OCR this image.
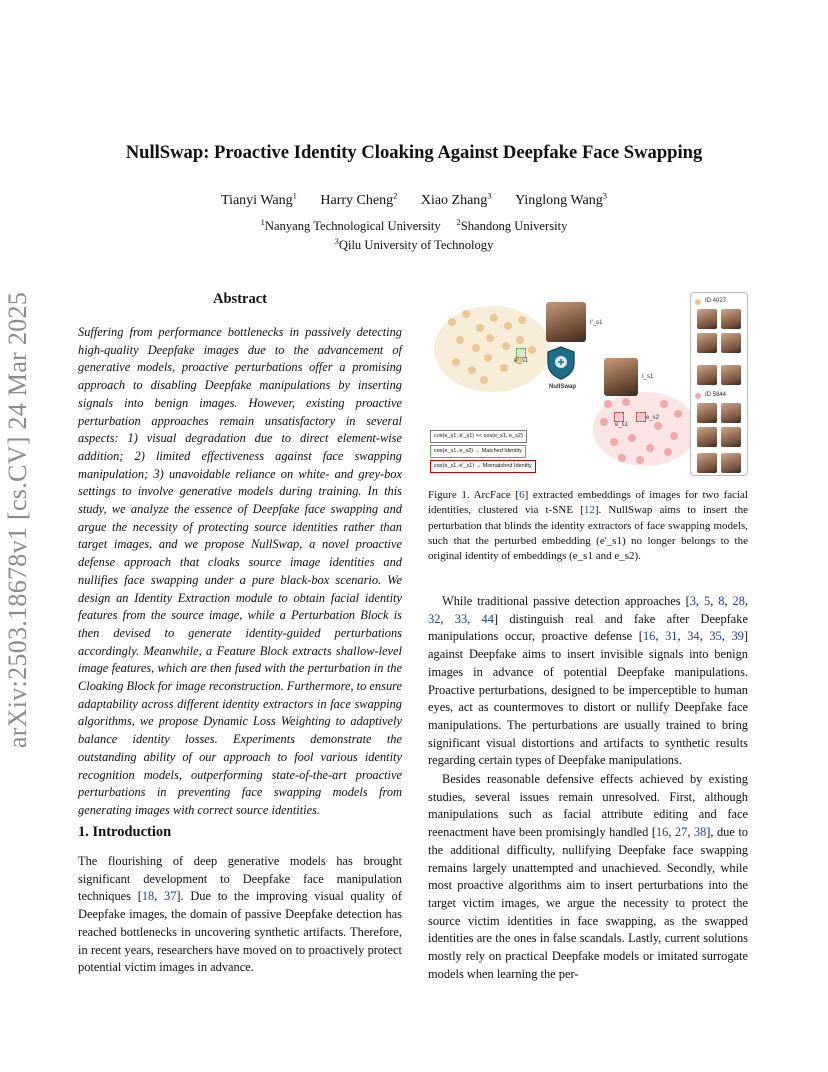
arXiv:2503.18678v1 [cs.CV] 24 Mar 2025
NullSwap: Proactive Identity Cloaking Against Deepfake Face Swapping
Tianyi Wang$^1$ Harry Cheng$^2$ Xiao Zhang$^3$ Yinglong Wang$^3$
$^1$Nanyang Technological University $^2$Shandong University
$^3$Qilu University of Technology
Abstract
Suffering from performance bottlenecks in passively detecting high-quality Deepfake images due to the advancement of generative models, proactive perturbations offer a promising approach to disabling Deepfake manipulations by inserting signals into benign images. However, existing proactive perturbation approaches remain unsatisfactory in several aspects: 1) visual degradation due to direct element-wise addition; 2) limited effectiveness against face swapping manipulation; 3) unavoidable reliance on white- and grey-box settings to involve generative models during training. In this study, we analyze the essence of Deepfake face swapping and argue the necessity of protecting source identities rather than target images, and we propose NullSwap, a novel proactive defense approach that cloaks source image identities and nullifies face swapping under a pure black-box scenario. We design an Identity Extraction module to obtain facial identity features from the source image, while a Perturbation Block is then devised to generate identity-guided perturbations accordingly. Meanwhile, a Feature Block extracts shallow-level image features, which are then fused with the perturbation in the Cloaking Block for image reconstruction. Furthermore, to ensure adaptability across different identity extractors in face swapping algorithms, we propose Dynamic Loss Weighting to adaptively balance identity losses. Experiments demonstrate the outstanding ability of our approach to fool various identity recognition models, outperforming state-of-the-art proactive perturbations in preventing face swapping models from generating images with correct source identities.
1. Introduction

The flourishing of deep generative models has brought significant development to Deepfake face manipulation techniques [18, 37]. Due to the improving visual quality of Deepfake images, the domain of passive Deepfake detection has reached bottlenecks in uncovering synthetic artifacts. Therefore, in recent years, researchers have moved on to proactively protect potential victim images in advance.

I'_s1
I_s1
NullSwap
e'_s1
e_s1
e_s2
cos(e_s1, e'_s1) << cos(e_s1, e_s2)
cos(e_s1, e_s2) → Matched Identity
cos(e_s1, e'_s1) → Mismatched Identity
ID 4027
ID 5844
Figure 1. ArcFace [6] extracted embeddings of images for two facial identities, clustered via t-SNE [12]. NullSwap aims to insert the perturbation that blinds the identity extractors of face swapping models, such that the perturbed embedding (e'_s1) no longer belongs to the original identity of embeddings (e_s1 and e_s2).
While traditional passive detection approaches [3, 5, 8, 28, 32, 33, 44] distinguish real and fake after Deepfake manipulations occur, proactive defense [16, 31, 34, 35, 39] against Deepfake aims to insert invisible signals into benign images in advance of potential Deepfake manipulations. Proactive perturbations, designed to be imperceptible to human eyes, act as countermoves to distort or nullify Deepfake face manipulations. The perturbations are usually trained to bring significant visual distortions and artifacts to synthetic results regarding certain types of Deepfake manipulations.
Besides reasonable defensive effects achieved by existing studies, several issues remain unresolved. First, although manipulations such as facial attribute editing and face reenactment have been promisingly handled [16, 27, 38], due to the additional difficulty, nullifying Deepfake face swapping remains largely unattempted and unachieved. Secondly, while most proactive algorithms aim to insert perturbations into the target victim images, we argue the necessity to protect the source victim identities in face swapping, as the swapped identities are the ones in false scandals. Lastly, current solutions mostly rely on practical Deepfake models or imitated surrogate models when learning the per-
